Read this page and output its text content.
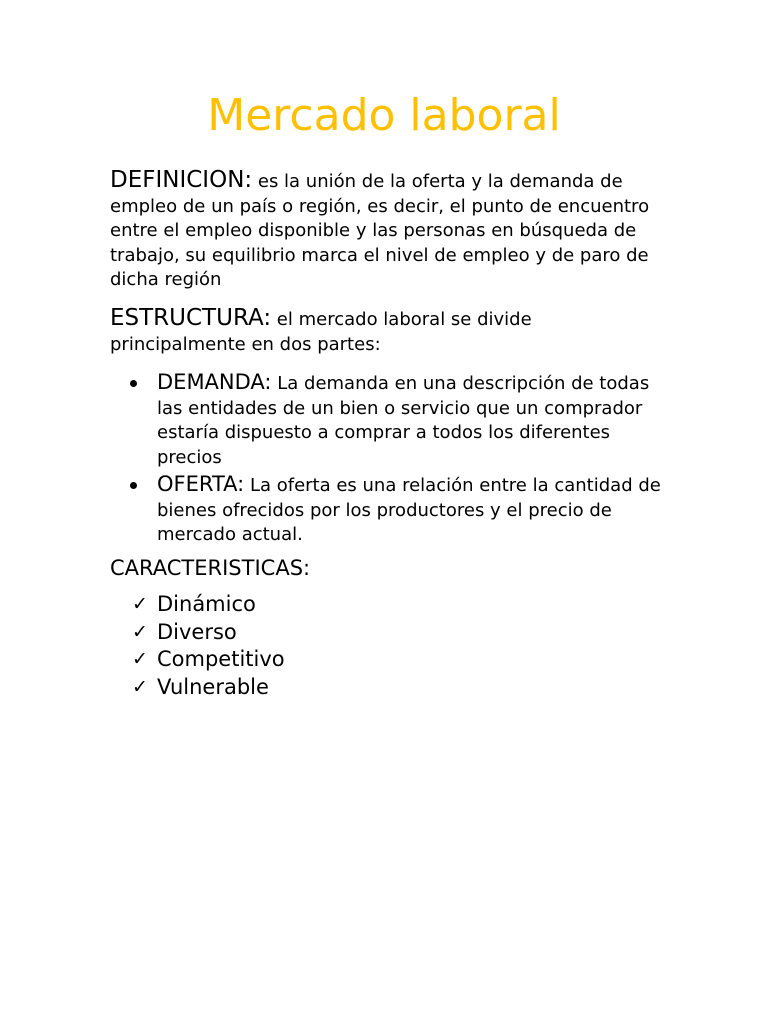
Mercado laboral
DEFINICION: es la unión de la oferta y la demanda de empleo de un país o región, es decir, el punto de encuentro entre el empleo disponible y las personas en búsqueda de trabajo, su equilibrio marca el nivel de empleo y de paro de dicha región
ESTRUCTURA: el mercado laboral se divide principalmente en dos partes:
DEMANDA: La demanda en una descripción de todas las entidades de un bien o servicio que un comprador estaría dispuesto a comprar a todos los diferentes precios
OFERTA: La oferta es una relación entre la cantidad de bienes ofrecidos por los productores y el precio de mercado actual.
CARACTERISTICAS:
✓ Dinámico
✓ Diverso
✓ Competitivo
✓ Vulnerable
